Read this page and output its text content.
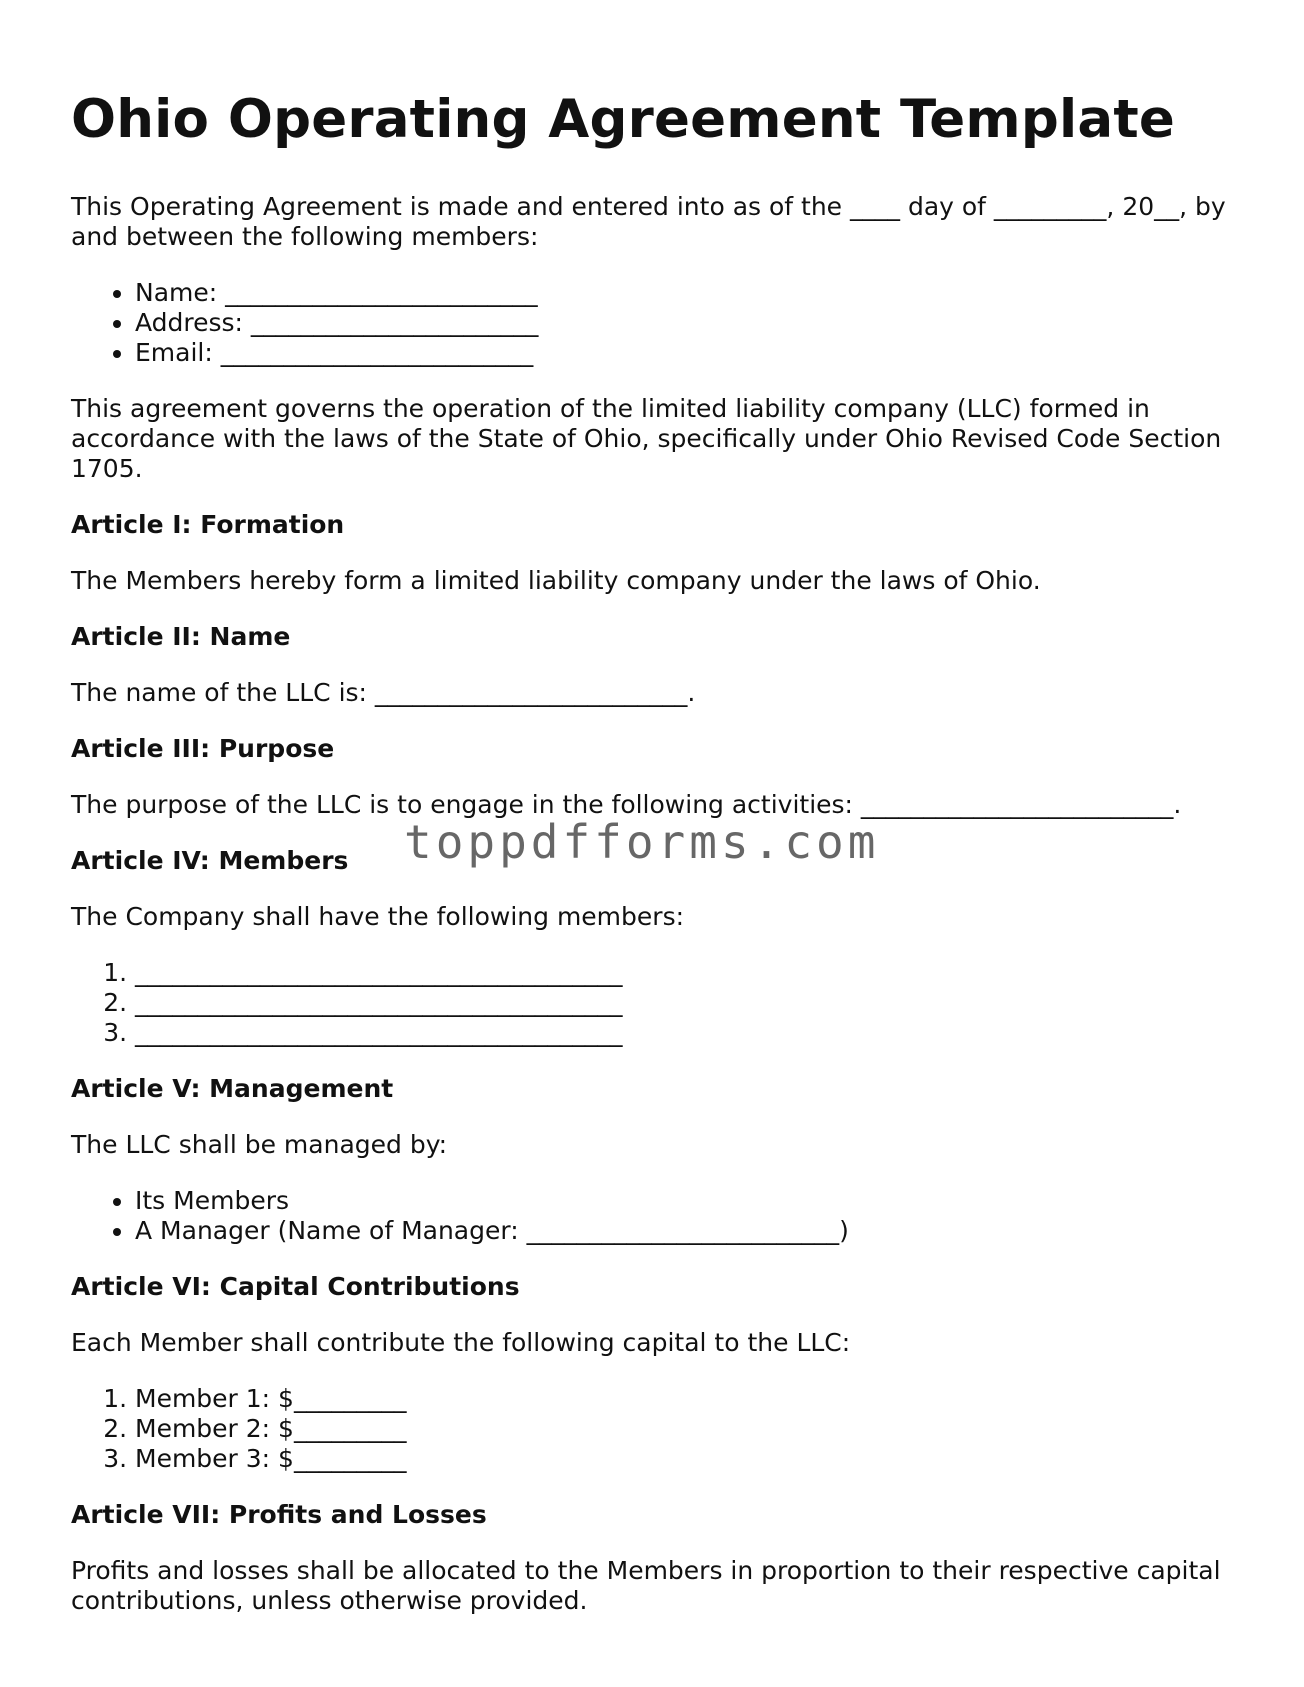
Ohio Operating Agreement Template

This Operating Agreement is made and entered into as of the ____ day of _________, 20__, by and between the following members:

• Name: _________________________
• Address: _______________________
• Email: _________________________

This agreement governs the operation of the limited liability company (LLC) formed in accordance with the laws of the State of Ohio, specifically under Ohio Revised Code Section 1705.

Article I: Formation

The Members hereby form a limited liability company under the laws of Ohio.

Article II: Name

The name of the LLC is: _________________________.

Article III: Purpose

The purpose of the LLC is to engage in the following activities: _________________________.

Article IV: Members

The Company shall have the following members:

1. _______________________________________
2. _______________________________________
3. _______________________________________
Article V: Management

The LLC shall be managed by:

• Its Members
• A Manager (Name of Manager: _________________________)
Article VI: Capital Contributions

Each Member shall contribute the following capital to the LLC:

1. Member 1: $_________
2. Member 2: $_________
3. Member 3: $_________
Article VII: Profits and Losses

Profits and losses shall be allocated to the Members in proportion to their respective capital contributions, unless otherwise provided.

toppdfforms.com
